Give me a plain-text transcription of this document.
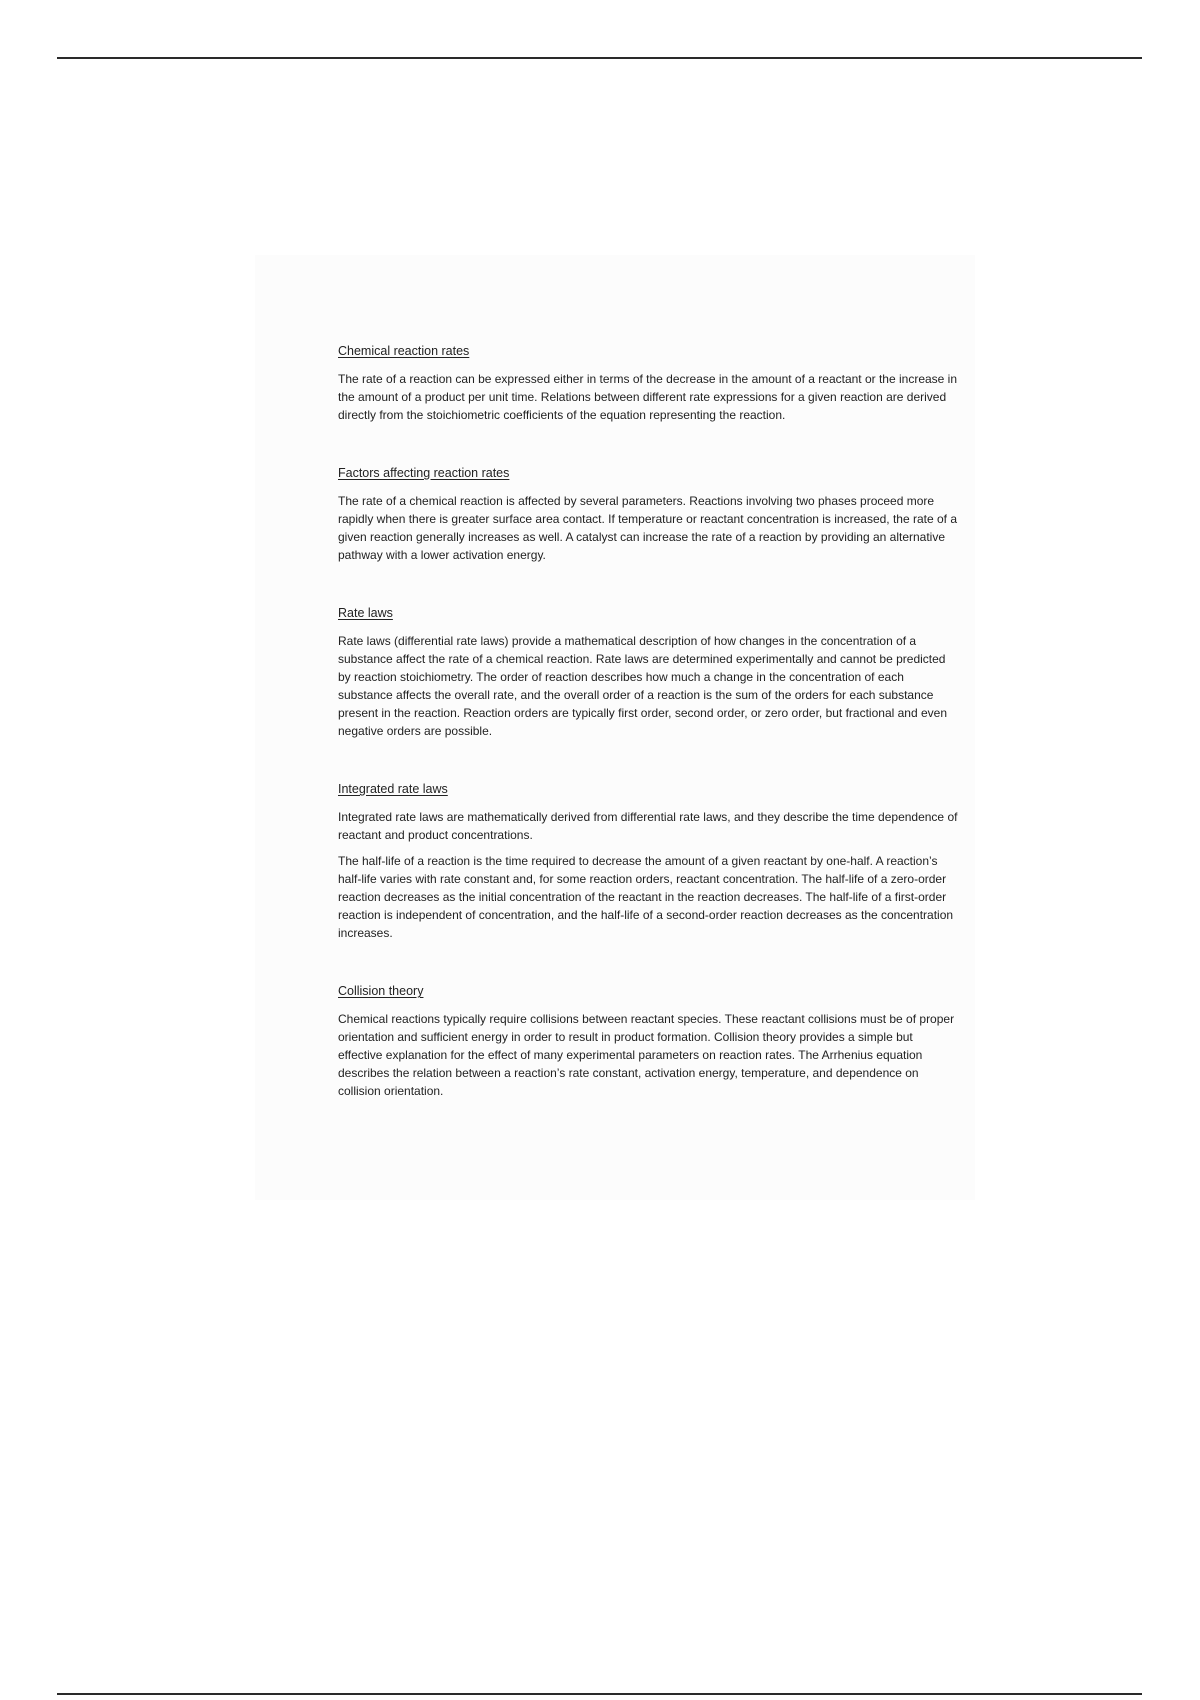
Chemical reaction rates

The rate of a reaction can be expressed either in terms of the decrease in the amount of a reactant or the increase in the amount of a product per unit time. Relations between different rate expressions for a given reaction are derived directly from the stoichiometric coefficients of the equation representing the reaction.

Factors affecting reaction rates

The rate of a chemical reaction is affected by several parameters. Reactions involving two phases proceed more rapidly when there is greater surface area contact. If temperature or reactant concentration is increased, the rate of a given reaction generally increases as well. A catalyst can increase the rate of a reaction by providing an alternative pathway with a lower activation energy.

Rate laws

Rate laws (differential rate laws) provide a mathematical description of how changes in the concentration of a substance affect the rate of a chemical reaction. Rate laws are determined experimentally and cannot be predicted by reaction stoichiometry. The order of reaction describes how much a change in the concentration of each substance affects the overall rate, and the overall order of a reaction is the sum of the orders for each substance present in the reaction. Reaction orders are typically first order, second order, or zero order, but fractional and even negative orders are possible.

Integrated rate laws

Integrated rate laws are mathematically derived from differential rate laws, and they describe the time dependence of reactant and product concentrations.

The half-life of a reaction is the time required to decrease the amount of a given reactant by one-half. A reaction’s half-life varies with rate constant and, for some reaction orders, reactant concentration. The half-life of a zero-order reaction decreases as the initial concentration of the reactant in the reaction decreases. The half-life of a first-order reaction is independent of concentration, and the half-life of a second-order reaction decreases as the concentration increases.

Collision theory

Chemical reactions typically require collisions between reactant species. These reactant collisions must be of proper orientation and sufficient energy in order to result in product formation. Collision theory provides a simple but effective explanation for the effect of many experimental parameters on reaction rates. The Arrhenius equation describes the relation between a reaction’s rate constant, activation energy, temperature, and dependence on collision orientation.
